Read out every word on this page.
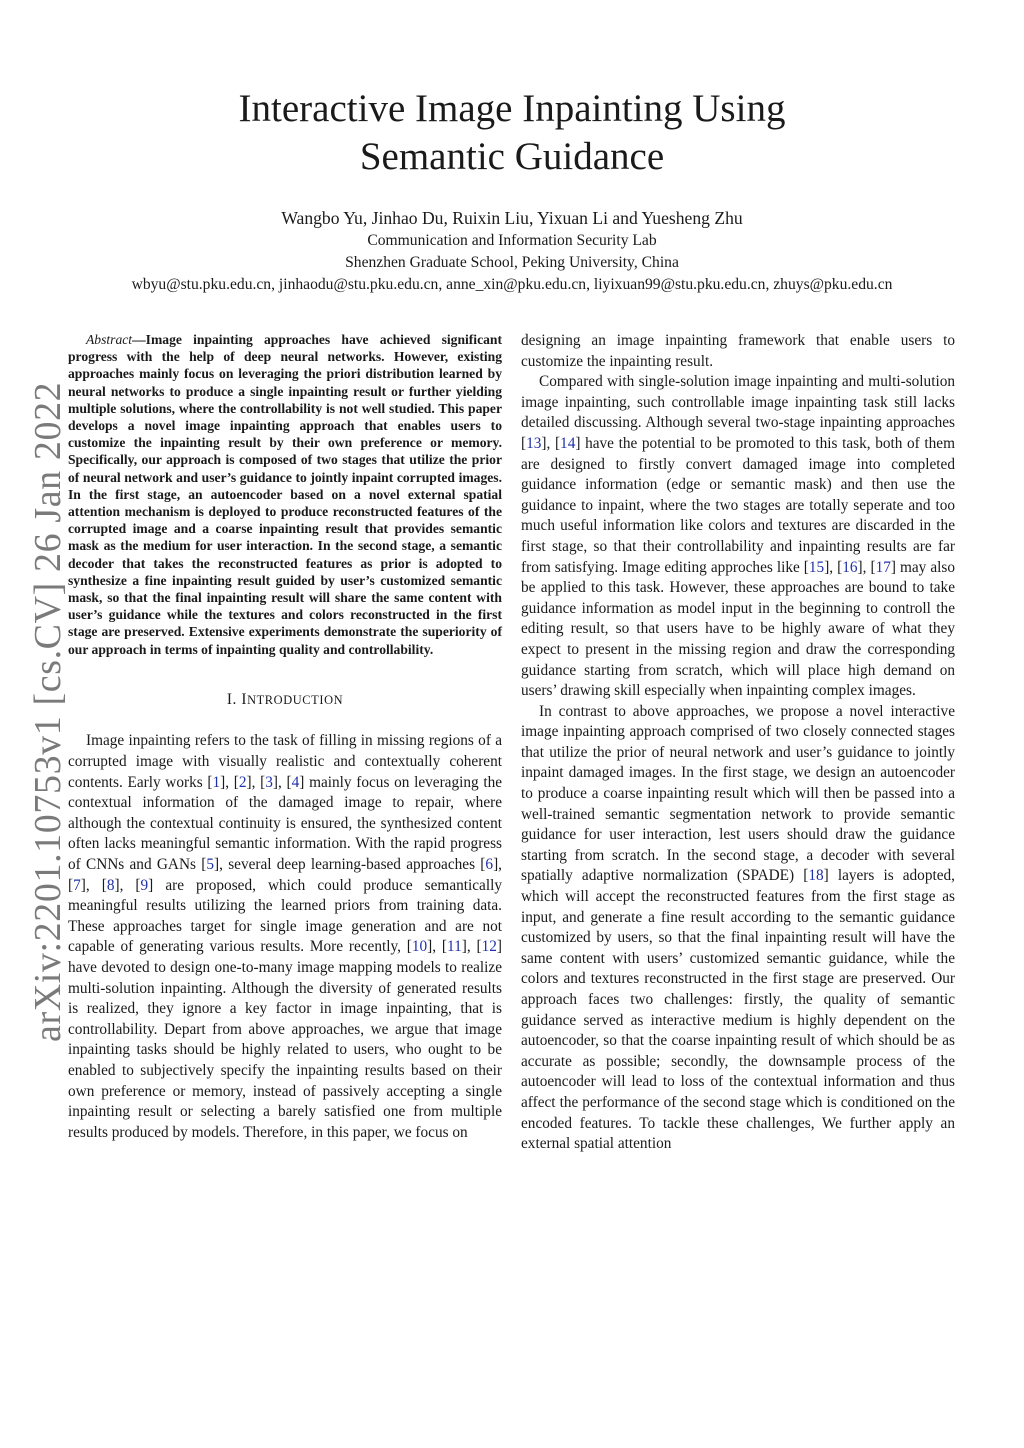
arXiv:2201.10753v1 [cs.CV] 26 Jan 2022
Interactive Image Inpainting Using
Semantic Guidance
Wangbo Yu, Jinhao Du, Ruixin Liu, Yixuan Li and Yuesheng Zhu
Communication and Information Security Lab
Shenzhen Graduate School, Peking University, China
wbyu@stu.pku.edu.cn, jinhaodu@stu.pku.edu.cn, anne_xin@pku.edu.cn, liyixuan99@stu.pku.edu.cn, zhuys@pku.edu.cn
Abstract—Image inpainting approaches have achieved significant progress with the help of deep neural networks. However, existing approaches mainly focus on leveraging the priori distribution learned by neural networks to produce a single inpainting result or further yielding multiple solutions, where the controllability is not well studied. This paper develops a novel image inpainting approach that enables users to customize the inpainting result by their own preference or memory. Specifically, our approach is composed of two stages that utilize the prior of neural network and user’s guidance to jointly inpaint corrupted images. In the first stage, an autoencoder based on a novel external spatial attention mechanism is deployed to produce reconstructed features of the corrupted image and a coarse inpainting result that provides semantic mask as the medium for user interaction. In the second stage, a semantic decoder that takes the reconstructed features as prior is adopted to synthesize a fine inpainting result guided by user’s customized semantic mask, so that the final inpainting result will share the same content with user’s guidance while the textures and colors reconstructed in the first stage are preserved. Extensive experiments demonstrate the superiority of our approach in terms of inpainting quality and controllability.
I. INTRODUCTION

Image inpainting refers to the task of filling in missing regions of a corrupted image with visually realistic and contextually coherent contents. Early works [1], [2], [3], [4] mainly focus on leveraging the contextual information of the damaged image to repair, where although the contextual continuity is ensured, the synthesized content often lacks meaningful semantic information. With the rapid progress of CNNs and GANs [5], several deep learning-based approaches [6], [7], [8], [9] are proposed, which could produce semantically meaningful results utilizing the learned priors from training data. These approaches target for single image generation and are not capable of generating various results. More recently, [10], [11], [12] have devoted to design one-to-many image mapping models to realize multi-solution inpainting. Although the diversity of generated results is realized, they ignore a key factor in image inpainting, that is controllability. Depart from above approaches, we argue that image inpainting tasks should be highly related to users, who ought to be enabled to subjectively specify the inpainting results based on their own preference or memory, instead of passively accepting a single inpainting result or selecting a barely satisfied one from multiple results produced by models. Therefore, in this paper, we focus on

designing an image inpainting framework that enable users to customize the inpainting result.

Compared with single-solution image inpainting and multi-solution image inpainting, such controllable image inpainting task still lacks detailed discussing. Although several two-stage inpainting approaches [13], [14] have the potential to be promoted to this task, both of them are designed to firstly convert damaged image into completed guidance information (edge or semantic mask) and then use the guidance to inpaint, where the two stages are totally seperate and too much useful information like colors and textures are discarded in the first stage, so that their controllability and inpainting results are far from satisfying. Image editing approches like [15], [16], [17] may also be applied to this task. However, these approaches are bound to take guidance information as model input in the beginning to controll the editing result, so that users have to be highly aware of what they expect to present in the missing region and draw the corresponding guidance starting from scratch, which will place high demand on users’ drawing skill especially when inpainting complex images.

In contrast to above approaches, we propose a novel interactive image inpainting approach comprised of two closely connected stages that utilize the prior of neural network and user’s guidance to jointly inpaint damaged images. In the first stage, we design an autoencoder to produce a coarse inpainting result which will then be passed into a well-trained semantic segmentation network to provide semantic guidance for user interaction, lest users should draw the guidance starting from scratch. In the second stage, a decoder with several spatially adaptive normalization (SPADE) [18] layers is adopted, which will accept the reconstructed features from the first stage as input, and generate a fine result according to the semantic guidance customized by users, so that the final inpainting result will have the same content with users’ customized semantic guidance, while the colors and textures reconstructed in the first stage are preserved. Our approach faces two challenges: firstly, the quality of semantic guidance served as interactive medium is highly dependent on the autoencoder, so that the coarse inpainting result of which should be as accurate as possible; secondly, the downsample process of the autoencoder will lead to loss of the contextual information and thus affect the performance of the second stage which is conditioned on the encoded features. To tackle these challenges, We further apply an external spatial attention
